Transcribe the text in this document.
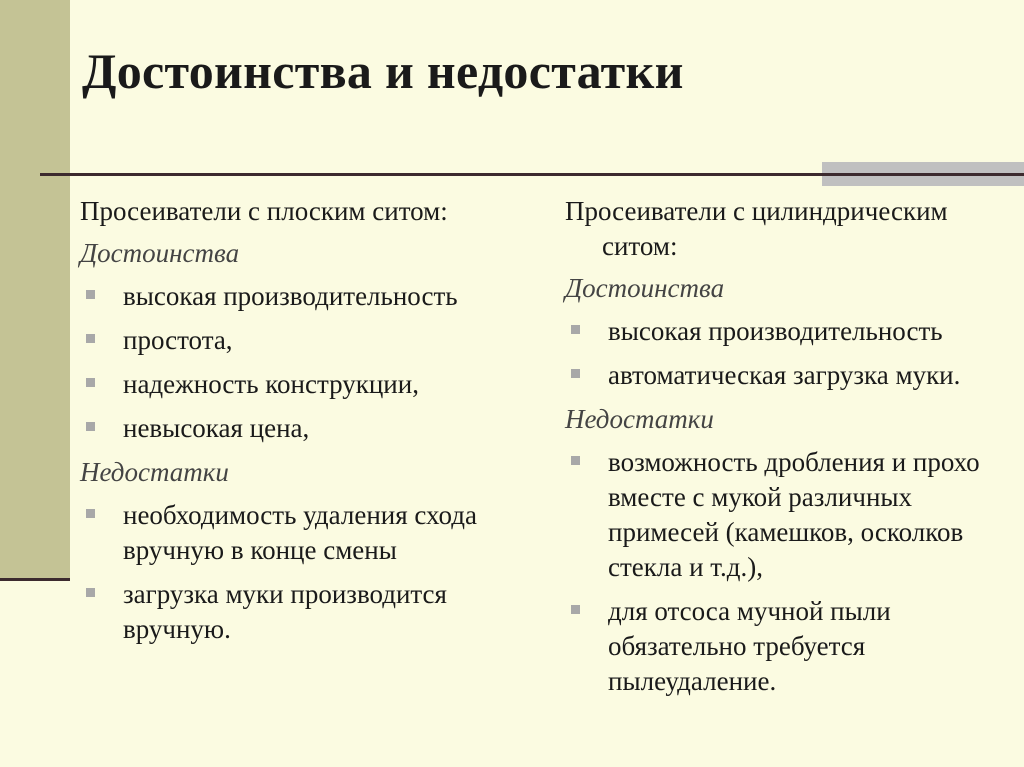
Достоинства и недостатки
Просеиватели с плоским ситом:
Достоинства
высокая производительность
простота,
надежность конструкции,
невысокая цена,
Недостатки
необходимость удаления схода
вручную в конце смены
загрузка муки производится
вручную.
Просеиватели с цилиндрическим
ситом:
Достоинства
высокая производительность
автоматическая загрузка муки.
Недостатки
возможность дробления и прохо
вместе с мукой различных
примесей (камешков, осколков
стекла и т.д.),
для отсоса мучной пыли
обязательно требуется
пылеудаление.
